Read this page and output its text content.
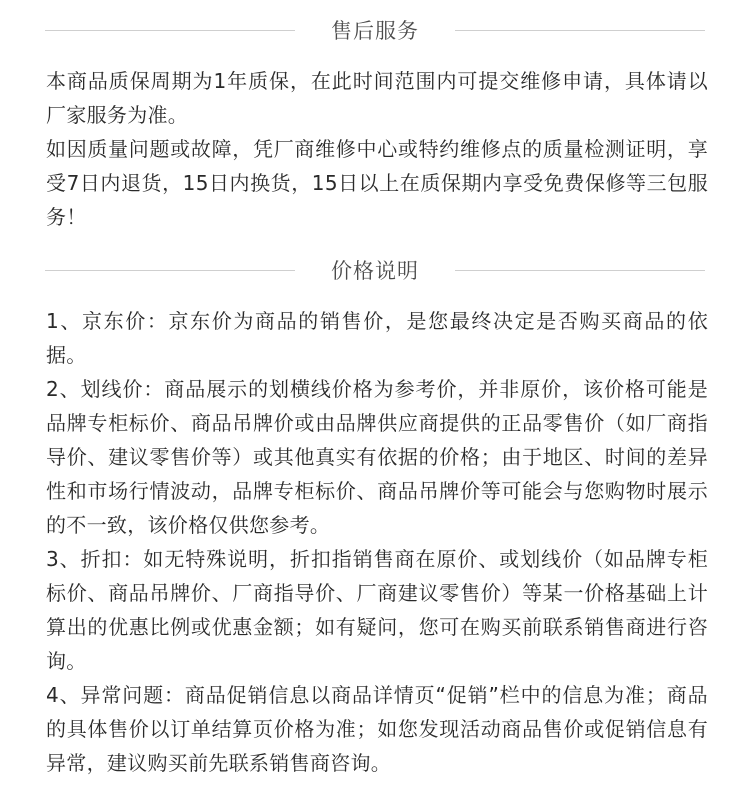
售后服务

本商品质保周期为1年质保，在此时间范围内可提交维修申请，具体请以厂家服务为准。

如因质量问题或故障，凭厂商维修中心或特约维修点的质量检测证明，享受7日内退货，15日内换货，15日以上在质保期内享受免费保修等三包服务！

价格说明

1、京东价：京东价为商品的销售价，是您最终决定是否购买商品的依据。

2、划线价：商品展示的划横线价格为参考价，并非原价，该价格可能是品牌专柜标价、商品吊牌价或由品牌供应商提供的正品零售价（如厂商指导价、建议零售价等）或其他真实有依据的价格；由于地区、时间的差异性和市场行情波动，品牌专柜标价、商品吊牌价等可能会与您购物时展示的不一致，该价格仅供您参考。

3、折扣：如无特殊说明，折扣指销售商在原价、或划线价（如品牌专柜标价、商品吊牌价、厂商指导价、厂商建议零售价）等某一价格基础上计算出的优惠比例或优惠金额；如有疑问，您可在购买前联系销售商进行咨询。

4、异常问题：商品促销信息以商品详情页“促销”栏中的信息为准；商品的具体售价以订单结算页价格为准；如您发现活动商品售价或促销信息有异常，建议购买前先联系销售商咨询。
